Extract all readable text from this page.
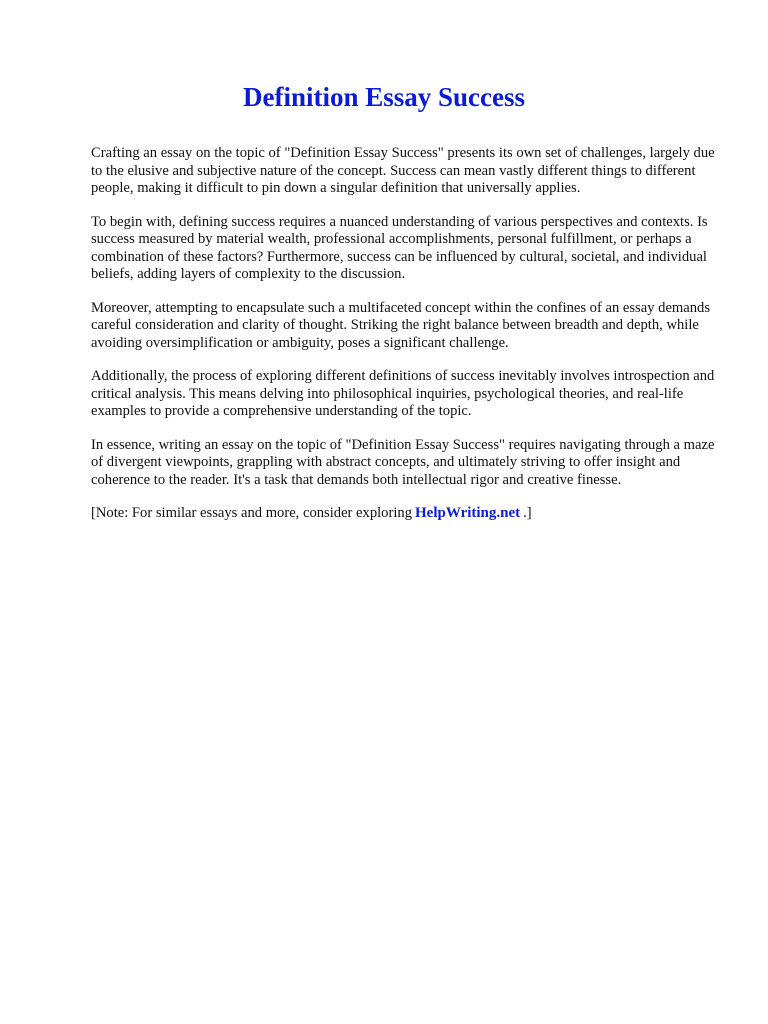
Definition Essay Success

Crafting an essay on the topic of "Definition Essay Success" presents its own set of challenges, largely due to the elusive and subjective nature of the concept. Success can mean vastly different things to different people, making it difficult to pin down a singular definition that universally applies.

To begin with, defining success requires a nuanced understanding of various perspectives and contexts. Is success measured by material wealth, professional accomplishments, personal fulfillment, or perhaps a combination of these factors? Furthermore, success can be influenced by cultural, societal, and individual beliefs, adding layers of complexity to the discussion.

Moreover, attempting to encapsulate such a multifaceted concept within the confines of an essay demands careful consideration and clarity of thought. Striking the right balance between breadth and depth, while avoiding oversimplification or ambiguity, poses a significant challenge.

Additionally, the process of exploring different definitions of success inevitably involves introspection and critical analysis. This means delving into philosophical inquiries, psychological theories, and real-life examples to provide a comprehensive understanding of the topic.

In essence, writing an essay on the topic of "Definition Essay Success" requires navigating through a maze of divergent viewpoints, grappling with abstract concepts, and ultimately striving to offer insight and coherence to the reader. It's a task that demands both intellectual rigor and creative finesse.

[Note: For similar essays and more, consider exploring HelpWriting.net .]
